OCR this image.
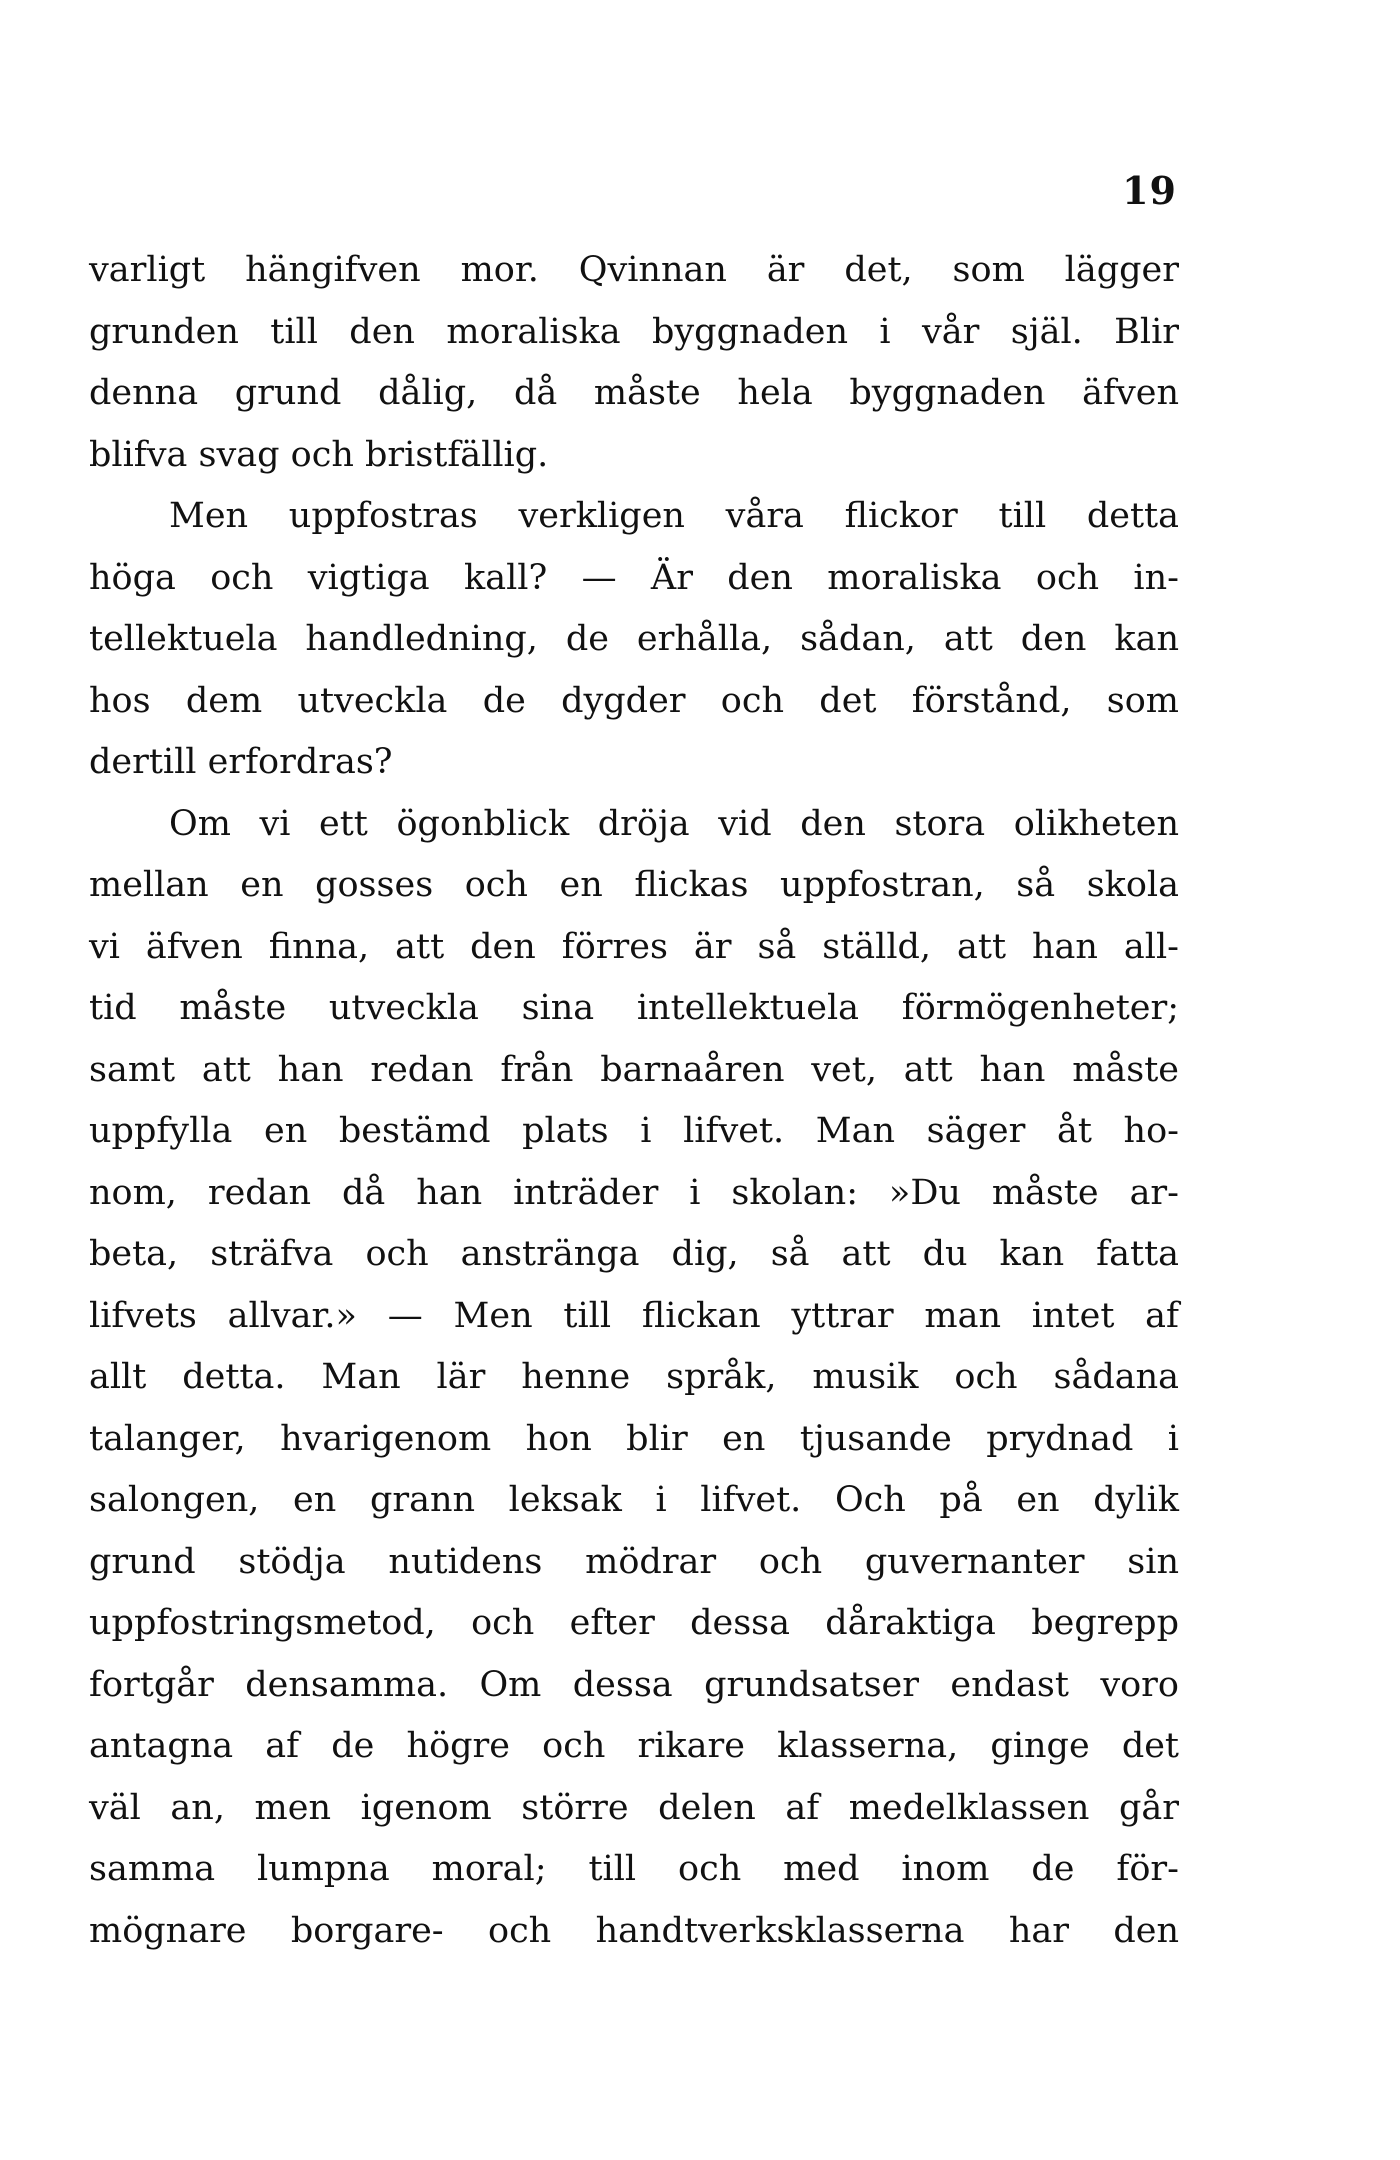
19
varligt hängifven mor. Qvinnan är det, som lägger
grunden till den moraliska byggnaden i vår själ. Blir
denna grund dålig, då måste hela byggnaden äfven
blifva svag och bristfällig.
Men uppfostras verkligen våra flickor till detta
höga och vigtiga kall? — Är den moraliska och in-
tellektuela handledning, de erhålla, sådan, att den kan
hos dem utveckla de dygder och det förstånd, som
dertill erfordras?
Om vi ett ögonblick dröja vid den stora olikheten
mellan en gosses och en flickas uppfostran, så skola
vi äfven finna, att den förres är så ställd, att han all-
tid måste utveckla sina intellektuela förmögenheter;
samt att han redan från barnaåren vet, att han måste
uppfylla en bestämd plats i lifvet. Man säger åt ho-
nom, redan då han inträder i skolan: »Du måste ar-
beta, sträfva och anstränga dig, så att du kan fatta
lifvets allvar.» — Men till flickan yttrar man intet af
allt detta. Man lär henne språk, musik och sådana
talanger, hvarigenom hon blir en tjusande prydnad i
salongen, en grann leksak i lifvet. Och på en dylik
grund stödja nutidens mödrar och guvernanter sin
uppfostringsmetod, och efter dessa dåraktiga begrepp
fortgår densamma. Om dessa grundsatser endast voro
antagna af de högre och rikare klasserna, ginge det
väl an, men igenom större delen af medelklassen går
samma lumpna moral; till och med inom de för-
mögnare borgare- och handtverksklasserna har den
